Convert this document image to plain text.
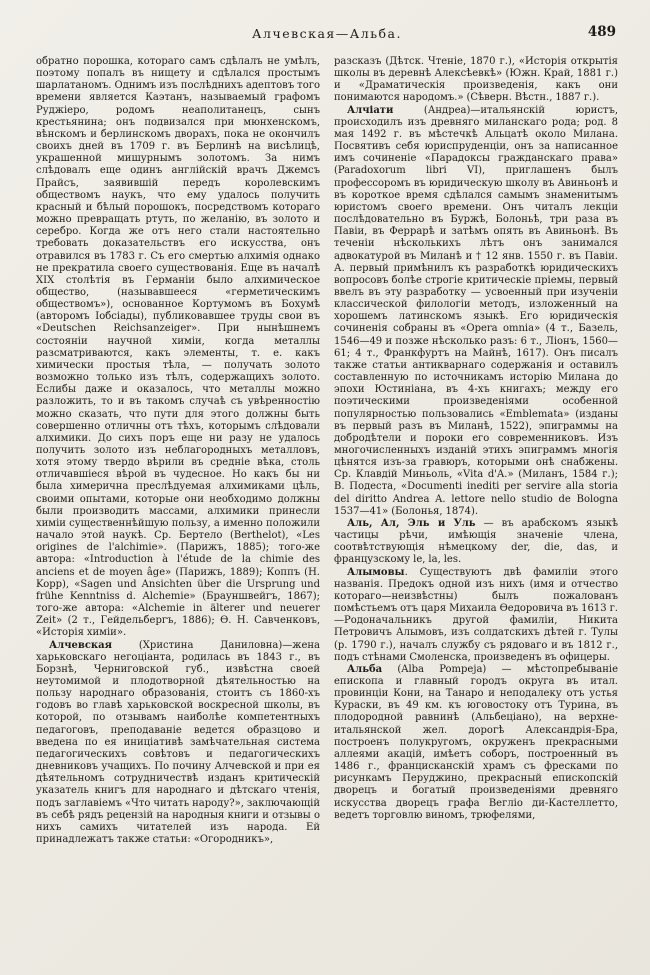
Алчевская—Альба.	489

обратно порошка, котораго самъ сдѣлалъ не умѣлъ, поэтому попалъ въ нищету и сдѣлался простымъ шарлатаномъ. Однимъ изъ послѣднихъ адептовъ того времени является Каэтанъ, называемый графомъ Руджіеро, родомъ неаполитанецъ, сынъ крестьянина; онъ подвизался при мюнхенскомъ, вѣнскомъ и берлинскомъ дворахъ, пока не окончилъ своихъ дней въ 1709 г. въ Берлинѣ на висѣлицѣ, украшенной мишурнымъ золотомъ. За нимъ слѣдовалъ еще одинъ англійскій врачъ Джемсъ Прайсъ, заявившій передъ королевскимъ обществомъ наукъ, что ему удалось получить красный и бѣлый порошокъ, посредствомъ котораго можно превращать ртуть, по желанію, въ золото и серебро. Когда же отъ него стали настоятельно требовать доказательствъ его искусства, онъ отравился въ 1783 г. Съ его смертью алхимія однако не прекратила своего существованія. Еще въ началѣ XIX столѣтія въ Германіи было алхимическое общество, (называвшееся «герметическимъ обществомъ»), основанное Кортумомъ въ Бохумѣ (авторомъ Іобсіады), публиковавшее труды свои въ «Deutschen Reichsanzeiger». При нынѣшнемъ состояніи научной химіи, когда металлы разсматриваются, какъ элементы, т. е. какъ химически простыя тѣла, — получать золото возможно только изъ тѣлъ, содержащихъ золото. Еслибы даже и оказалось, что металлы можно разложить, то и въ такомъ случаѣ съ увѣренностію можно сказать, что пути для этого должны быть совершенно отличны отъ тѣхъ, которымъ слѣдовали алхимики. До сихъ поръ еще ни разу не удалось получить золото изъ неблагородныхъ металловъ, хотя этому твердо вѣрили въ среднie вѣка, столь отличавшіеся вѣрой въ чудесное. Но какъ бы ни была химерична преслѣдуемая алхимиками цѣль, своими опытами, которые они необходимо должны были производить массами, алхимики принесли химіи существеннѣйшую пользу, а именно положили начало этой наукѣ. Ср. Бертело (Berthelot), «Les origines de l'alchimie». (Парижъ, 1885); того-же автора: «Introduction à l'étude de la chimie des anciens et de moyen âge» (Парижъ, 1889); Коппъ (H. Kopp), «Sagen und Ansichten über die Ursprung und frühe Kenntniss d. Alchemie» (Брауншвейгъ, 1867); того-же автора: «Alchemie in älterer und neuerer Zeit» (2 т., Гейдельбергъ, 1886); Ѳ. Н. Савченковъ, «Исторія химіи».

Алчевская (Христина Даниловна)—жена харьковскаго негоціанта, родилась въ 1843 г., въ Борзнѣ, Черниговской губ., извѣстна своей неутомимой и плодотворной дѣятельностью на пользу народнаго образованія, стоитъ съ 1860-хъ годовъ во главѣ харьковской воскресной школы, въ которой, по отзывамъ наиболѣе компетентныхъ педагоговъ, преподаваніе ведется образцово и введена по ея иниціативѣ замѣчательная система педагогическихъ совѣтовъ и педагогическихъ дневниковъ учащихъ. По почину Алчевской и при ея дѣятельномъ сотрудничествѣ изданъ критическій указатель книгъ для народнаго и дѣтскаго чтенія, подъ заглавіемъ «Что читать народу?», заключающій въ себѣ рядъ рецензій на народныя книги и отзывы о нихъ самихъ читателей изъ народа. Ей принадлежатъ также статьи: «Огородникъ»,

разсказъ (Дѣтск. Чтеніе, 1870 г.), «Исторія открытія школы въ деревнѣ Алексѣевкѣ» (Южн. Край, 1881 г.) и «Драматическія произведенія, какъ они понимаются народомъ.» (Сѣверн. Вѣстн., 1887 г.).

Алчіати (Андреа)—итальянскій юристъ, происходилъ изъ древняго миланскаго рода; род. 8 мая 1492 г. въ мѣстечкѣ Альцатѣ около Милана. Посвятивъ себя юриспруденціи, онъ за написанное имъ сочиненіе «Парадоксы гражданскаго права» (Paradoxorum libri VI), приглашенъ былъ профессоромъ въ юридическую школу въ Авиньонѣ и въ короткое время сдѣлался самымъ знаменитымъ юристомъ своего времени. Онъ читалъ лекціи послѣдовательно въ Буржѣ, Болоньѣ, три раза въ Павіи, въ Феррарѣ и затѣмъ опять въ Авиньонѣ. Въ теченіи нѣсколькихъ лѣтъ онъ занимался адвокатурой въ Миланѣ и † 12 янв. 1550 г. въ Павіи. А. первый примѣнилъ къ разработкѣ юридическихъ вопросовъ болѣе строгіе критическіе пріемы, первый ввелъ въ эту разработку — усвоенный при изученіи классической филологіи методъ, изложенный на хорошемъ латинскомъ языкѣ. Его юридическія сочиненія собраны въ «Opera omnia» (4 т., Базель, 1546—49 и позже нѣсколько разъ: 6 т., Ліонъ, 1560—61; 4 т., Франкфуртъ на Майнѣ, 1617). Онъ писалъ также статьи антикварнаго содержанія и оставилъ составленную по источникамъ исторію Милана до эпохи Юстиніана, въ 4-хъ книгахъ; между его поэтическими произведеніями особенной популярностью пользовались «Emblemata» (изданы въ первый разъ въ Миланѣ, 1522), эпиграммы на добродѣтели и пороки его современниковъ. Изъ многочисленныхъ изданій этихъ эпиграммъ многія цѣнятся изъ-за гравюръ, которыми онѣ снабжены. Ср. Клавдій Миньоль, «Vita d'A.» (Миланъ, 1584 г.); В. Подеста, «Documenti inediti per servire alla storia del diritto Andrea A. lettore nello studio de Bologna 1537—41» (Болонья, 1874).

Аль, Ал, Эль и Уль — въ арабскомъ языкѣ частицы рѣчи, имѣющія значеніе члена, соотвѣтствующія нѣмецкому der, die, das, и французскому le, la, les.

Алымовы. Существуютъ двѣ фамиліи этого названія. Предокъ одной изъ нихъ (имя и отчество котораго—неизвѣстны) былъ пожалованъ помѣстьемъ отъ царя Михаила Ѳедоровича въ 1613 г.—Родоначальникъ другой фамиліи, Никита Петровичъ Алымовъ, изъ солдатскихъ дѣтей г. Тулы (р. 1790 г.), началъ службу съ рядоваго и въ 1812 г., подъ стѣнами Смоленска, произведенъ въ офицеры.

Альба (Alba Pompeja) — мѣстопребываніе епископа и главный городъ округа въ итал. провинціи Кони, на Танаро и неподалеку отъ устья Кураски, въ 49 км. къ юговостоку отъ Турина, въ плодородной равнинѣ (Альбеціано), на верхне-итальянской жел. дорогѣ Александрія-Бра, построенъ полукругомъ, окруженъ прекрасными аллеями акацій, имѣетъ соборъ, построенный въ 1486 г., францисканскій храмъ съ фресками по рисункамъ Перуджино, прекрасный епископскій дворецъ и богатый произведеніями древняго искусства дворецъ графа Вегліо ди-Кастеллетто, ведетъ торговлю виномъ, трюфелями,
